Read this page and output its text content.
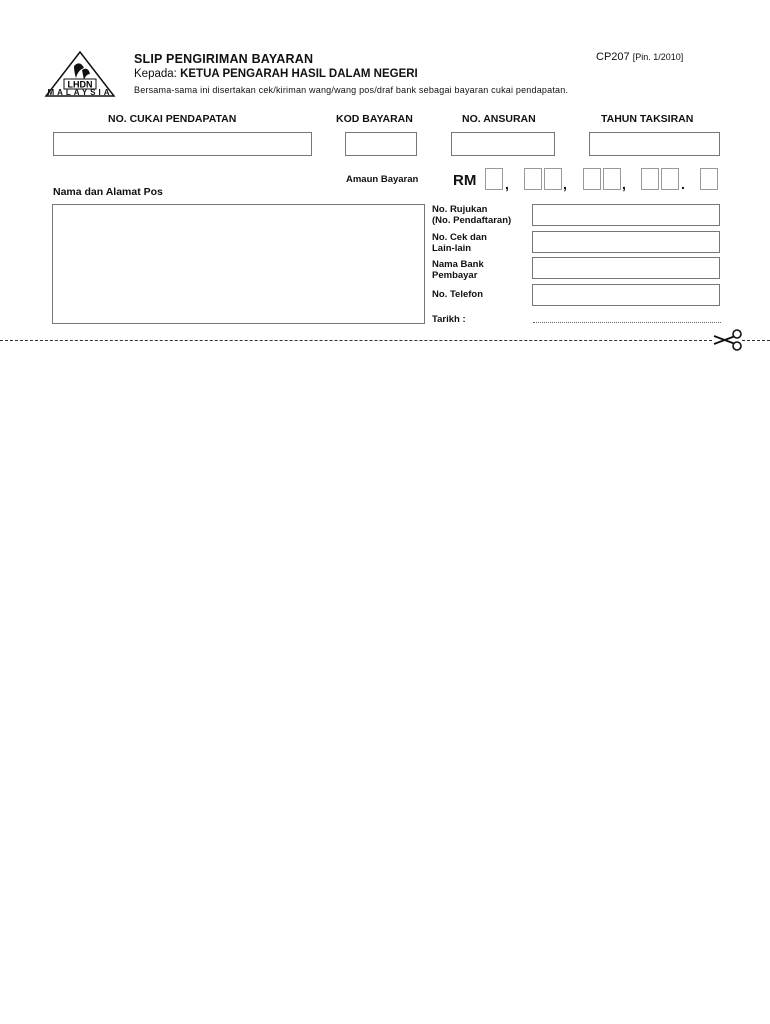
LHDN
MALAYSIA
SLIP PENGIRIMAN BAYARAN	CP207 [Pin. 1/2010]
Kepada: KETUA PENGARAH HASIL DALAM NEGERI
Bersama-sama ini disertakan cek/kiriman wang/wang pos/draf bank sebagai bayaran cukai pendapatan.
NO. CUKAI PENDAPATAN	KOD BAYARAN	NO. ANSURAN	TAHUN TAKSIRAN
Amaun Bayaran RM ,	,	,	.
Nama dan Alamat Pos
No. Rujukan
(No. Pendaftaran)
No. Cek dan
Lain-lain
Nama Bank
Pembayar
No. Telefon
Tarikh :
